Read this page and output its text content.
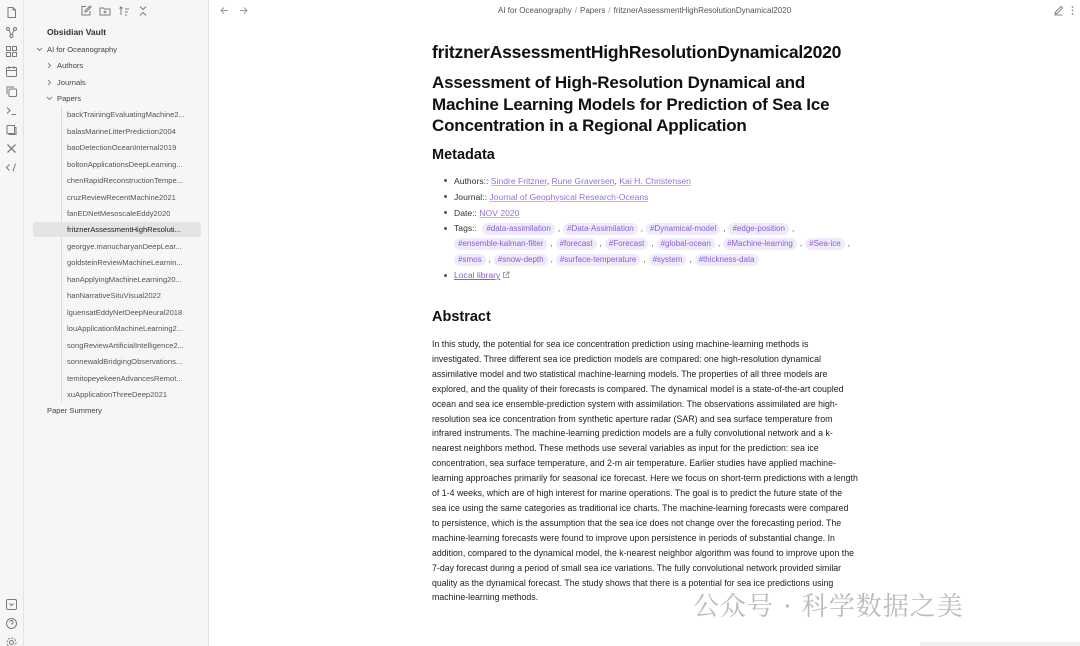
Obsidian Vault
AI for Oceanography
Authors
Journals
Papers
backTrainingEvaluatingMachine2...
balasMarineLitterPrediction2004
baoDetectionOceanInternal2019
boltonApplicationsDeepLearning...
chenRapidReconstructionTempe...
cruzReviewRecentMachine2021
fanEDNetMesoscaleEddy2020
fritznerAssessmentHighResoluti...
georgye.manucharyanDeepLear...
goldsteinReviewMachineLearnin...
hanApplyingMachineLearning20...
hanNarrativeSituVisual2022
lguensatEddyNetDeepNeural2018
louApplicationMachineLearning2...
songReviewArtificialIntelligence2...
sonnewaldBridgingObservations...
temitopeyekeenAdvancesRemot...
xuApplicationThreeDeep2021
Paper Summery
AI for Oceanography / Papers / fritznerAssessmentHighResolutionDynamical2020
fritznerAssessmentHighResolutionDynamical2020
Assessment of High-Resolution Dynamical and Machine Learning Models for Prediction of Sea Ice Concentration in a Regional Application
Metadata
Authors:: Sindre Fritzner, Rune Graversen, Kai H. Christensen
Journal:: Journal of Geophysical Research-Oceans
Date:: NOV 2020
Tags:: #data-assimilation , #Data-Assimilation , #Dynamical-model , #edge-position ,#ensemble-kalman-filter , #forecast , #Forecast , #global-ocean , #Machine-learning , #Sea-ice ,#smos , #snow-depth , #surface-temperature , #system , #thickness-data
Local library
Abstract
In this study, the potential for sea ice concentration prediction using machine-learning methods is investigated. Three different sea ice prediction models are compared: one high-resolution dynamical assimilative model and two statistical machine-learning models. The properties of all three models are explored, and the quality of their forecasts is compared. The dynamical model is a state-of-the-art coupled ocean and sea ice ensemble-prediction system with assimilation. The observations assimilated are high-resolution sea ice concentration from synthetic aperture radar (SAR) and sea surface temperature from infrared instruments. The machine-learning prediction models are a fully convolutional network and a k-nearest neighbors method. These methods use several variables as input for the prediction: sea ice concentration, sea surface temperature, and 2-m air temperature. Earlier studies have applied machine-learning approaches primarily for seasonal ice forecast. Here we focus on short-term predictions with a length of 1-4 weeks, which are of high interest for marine operations. The goal is to predict the future state of the sea ice using the same categories as traditional ice charts. The machine-learning forecasts were compared to persistence, which is the assumption that the sea ice does not change over the forecasting period. The machine-learning forecasts were found to improve upon persistence in periods of substantial change. In addition, compared to the dynamical model, the k-nearest neighbor algorithm was found to improve upon the 7-day forecast during a period of small sea ice variations. The fully convolutional network provided similar quality as the dynamical forecast. The study shows that there is a potential for sea ice predictions using machine-learning methods.	公众号 · 科学数据之美
